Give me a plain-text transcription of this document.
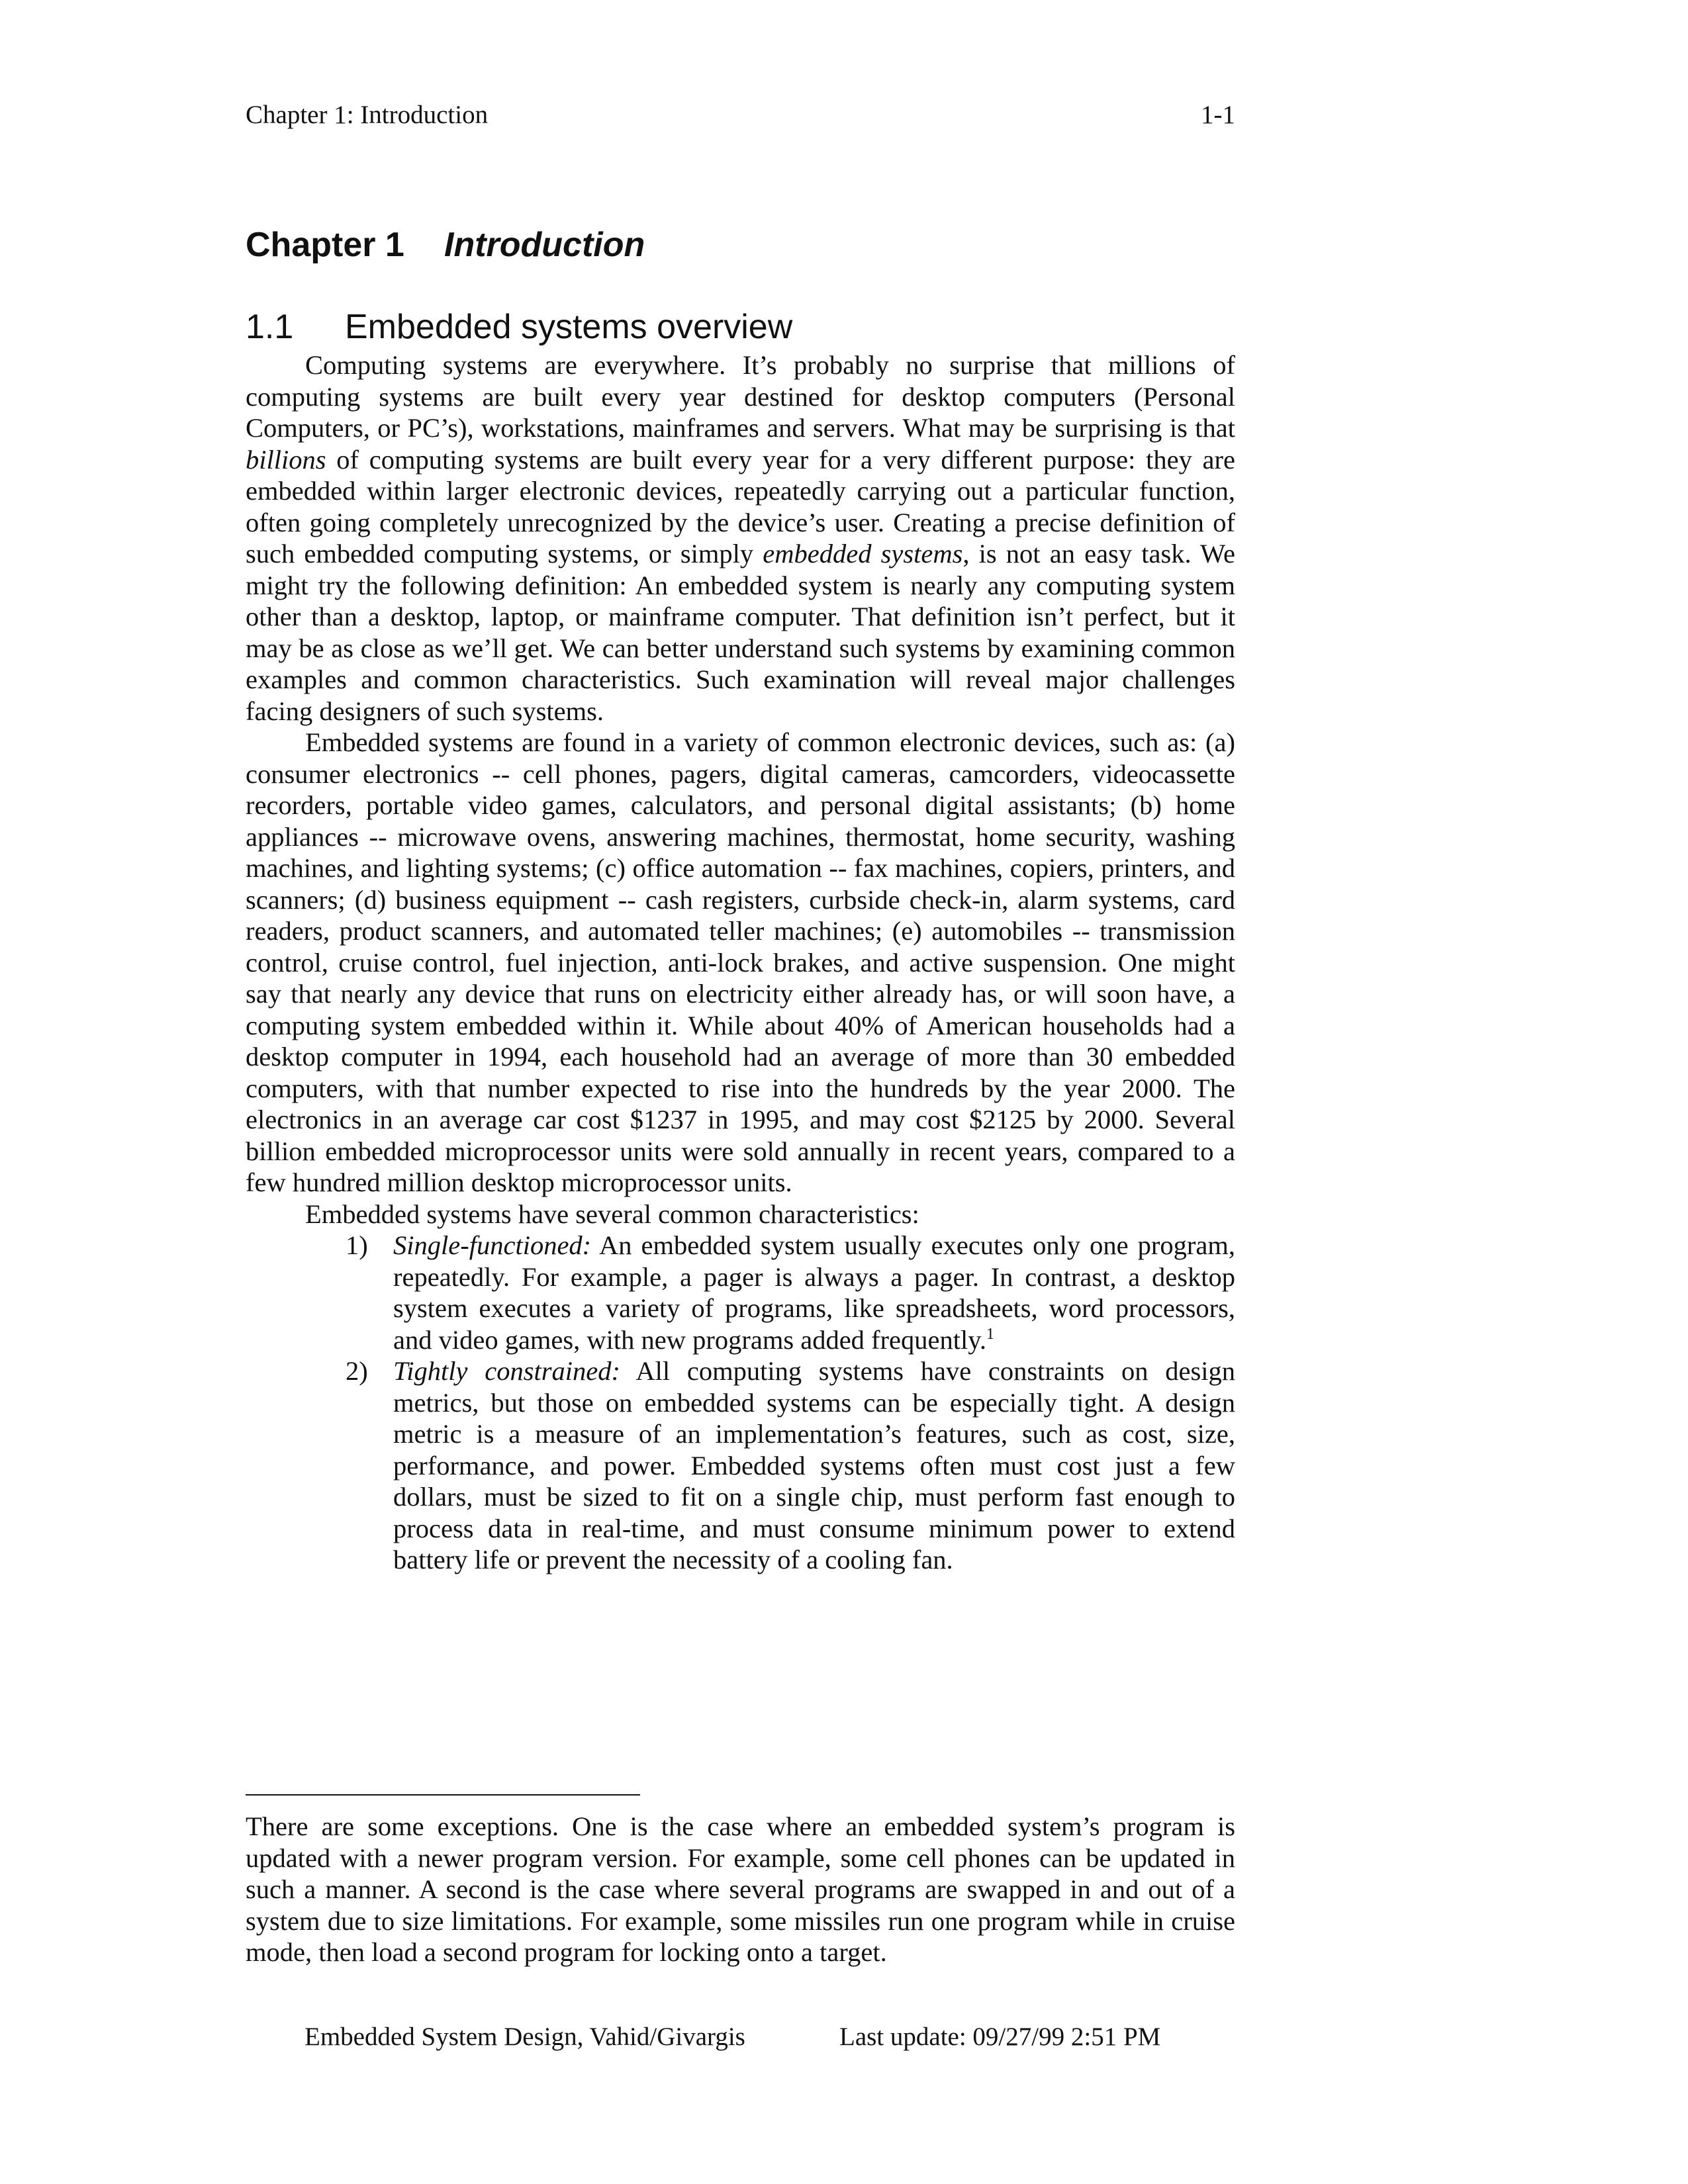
Chapter 1: Introduction	1-1
Chapter 1 Introduction
1.1 Embedded systems overview

Computing systems are everywhere. It’s probably no surprise that millions of computing systems are built every year destined for desktop computers (Personal Computers, or PC’s), workstations, mainframes and servers. What may be surprising is that billions of computing systems are built every year for a very different purpose: they are embedded within larger electronic devices, repeatedly carrying out a particular function, often going completely unrecognized by the device’s user. Creating a precise definition of such embedded computing systems, or simply embedded systems, is not an easy task. We might try the following definition: An embedded system is nearly any computing system other than a desktop, laptop, or mainframe computer. That definition isn’t perfect, but it may be as close as we’ll get. We can better understand such systems by examining common examples and common characteristics. Such examination will reveal major challenges facing designers of such systems.

Embedded systems are found in a variety of common electronic devices, such as: (a) consumer electronics -- cell phones, pagers, digital cameras, camcorders, videocassette recorders, portable video games, calculators, and personal digital assistants; (b) home appliances -- microwave ovens, answering machines, thermostat, home security, washing machines, and lighting systems; (c) office automation -- fax machines, copiers, printers, and scanners; (d) business equipment -- cash registers, curbside check-in, alarm systems, card readers, product scanners, and automated teller machines; (e) automobiles -- transmission control, cruise control, fuel injection, anti-lock brakes, and active suspension. One might say that nearly any device that runs on electricity either already has, or will soon have, a computing system embedded within it. While about 40% of American households had a desktop computer in 1994, each household had an average of more than 30 embedded computers, with that number expected to rise into the hundreds by the year 2000. The electronics in an average car cost $1237 in 1995, and may cost $2125 by 2000. Several billion embedded microprocessor units were sold annually in recent years, compared to a few hundred million desktop microprocessor units.

Embedded systems have several common characteristics:

1) Single-functioned: An embedded system usually executes only one program, repeatedly. For example, a pager is always a pager. In contrast, a desktop system executes a variety of programs, like spreadsheets, word processors, and video games, with new programs added frequently.$^1$
2) Tightly constrained: All computing systems have constraints on design metrics, but those on embedded systems can be especially tight. A design metric is a measure of an implementation’s features, such as cost, size, performance, and power. Embedded systems often must cost just a few dollars, must be sized to fit on a single chip, must perform fast enough to process data in real-time, and must consume minimum power to extend battery life or prevent the necessity of a cooling fan.

There are some exceptions. One is the case where an embedded system’s program is updated with a newer program version. For example, some cell phones can be updated in such a manner. A second is the case where several programs are swapped in and out of a system due to size limitations. For example, some missiles run one program while in cruise mode, then load a second program for locking onto a target.

Embedded System Design, Vahid/Givargis	Last update: 09/27/99 2:51 PM
